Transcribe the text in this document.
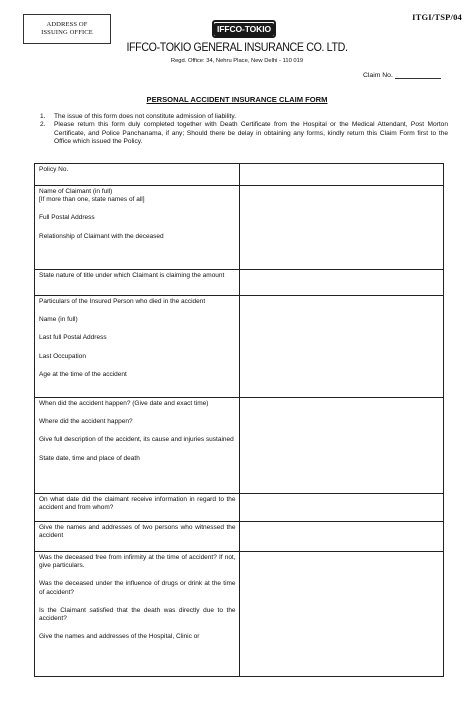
ADDRESS OF
ISSUING OFFICE
ITGI/TSP/04
IFFCO-TOKIO
IFFCO-TOKIO GENERAL INSURANCE CO. LTD.
Regd. Office: 34, Nehru Place, New Delhi - 110 019
Claim No.
PERSONAL ACCIDENT INSURANCE CLAIM FORM
1.	The issue of this form does not constitute admission of liability.
2.	Please return this form duly completed together with Death Certificate from the Hospital or the Medical Attendant, Post Morton Certificate, and Police Panchanama, if any; Should there be delay in obtaining any forms, kindly return this Claim Form first to the Office which issued the Policy.
Policy No.	

Name of Claimant (in full)
[If more than one, state names of all]
Full Postal Address
Relationship of Claimant with the deceased	

State nature of title under which Claimant is claiming the amount	

Particulars of the Insured Person who died in the accident
Name (in full)
Last full Postal Address
Last Occupation
Age at the time of the accident	

When did the accident happen? (Give date and exact time)
Where did the accident happen?
Give full description of the accident, its cause and injuries sustained
State date, time and place of death	

On what date did the claimant receive information in regard to the accident and from whom?	

Give the names and addresses of two persons who witnessed the accident	

Was the deceased free from infirmity at the time of accident? If not, give particulars.
Was the deceased under the influence of drugs or drink at the time of accident?
Is the Claimant satisfied that the death was directly due to the accident?
Give the names and addresses of the Hospital, Clinic or	
